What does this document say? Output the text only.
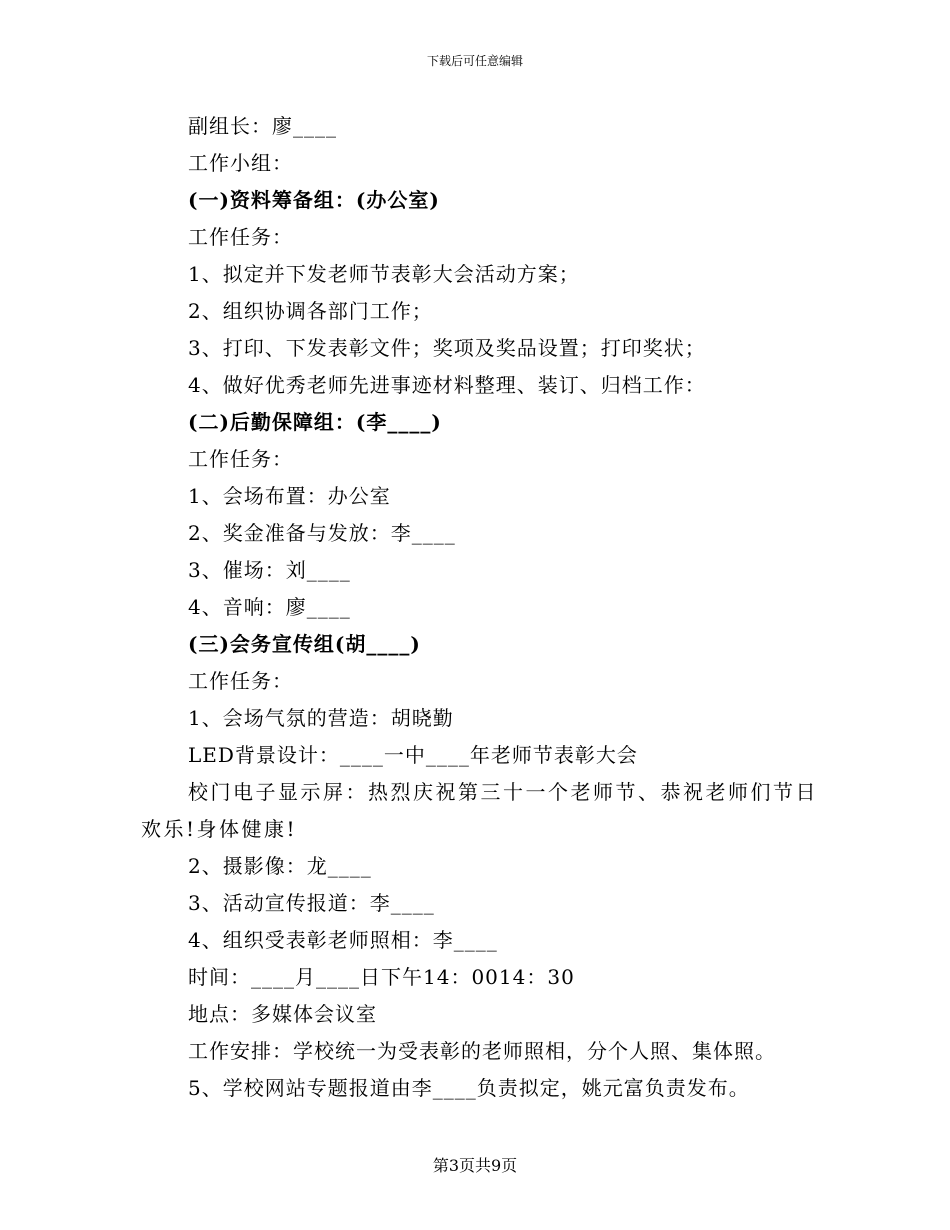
下载后可任意编辑
副组长：廖____
工作小组：
(一)资料筹备组：(办公室)
工作任务：
1、拟定并下发老师节表彰大会活动方案；
2、组织协调各部门工作；
3、打印、下发表彰文件；奖项及奖品设置；打印奖状；
4、做好优秀老师先进事迹材料整理、装订、归档工作：
(二)后勤保障组：(李____)
工作任务：
1、会场布置：办公室
2、奖金准备与发放：李____
3、催场：刘____
4、音响：廖____
(三)会务宣传组(胡____)
工作任务：
1、会场气氛的营造：胡晓勤
LED背景设计：____一中____年老师节表彰大会
校门电子显示屏：热烈庆祝第三十一个老师节、恭祝老师们节日欢乐!身体健康!
2、摄影像：龙____
3、活动宣传报道：李____
4、组织受表彰老师照相：李____
时间：____月____日下午14：0014：30
地点：多媒体会议室
工作安排：学校统一为受表彰的老师照相，分个人照、集体照。
5、学校网站专题报道由李____负责拟定，姚元富负责发布。
第3页共9页
